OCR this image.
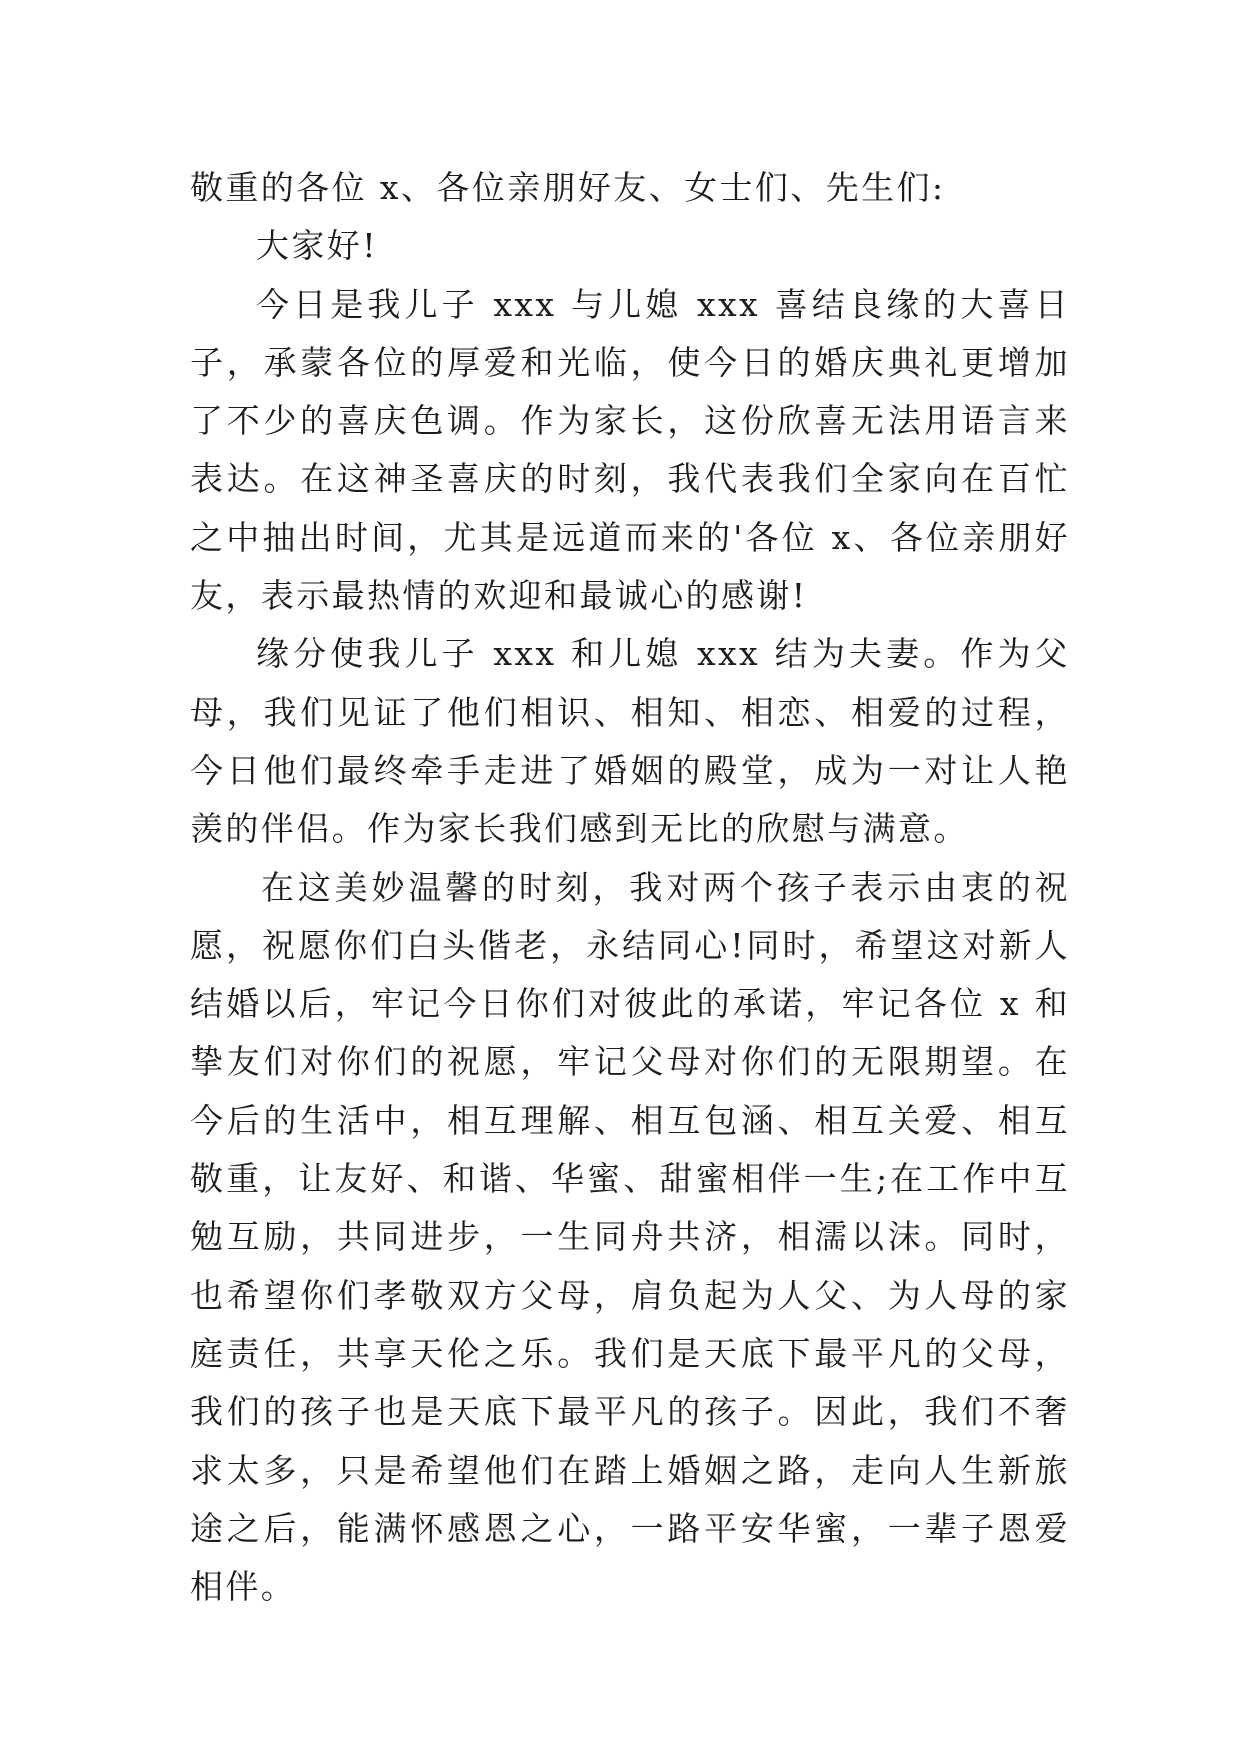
敬重的各位 x、各位亲朋好友、女士们、先生们:

大家好!

今日是我儿子 xxx 与儿媳 xxx 喜结良缘的大喜日子，承蒙各位的厚爱和光临，使今日的婚庆典礼更增加了不少的喜庆色调。作为家长，这份欣喜无法用语言来表达。在这神圣喜庆的时刻，我代表我们全家向在百忙之中抽出时间，尤其是远道而来的'各位 x、各位亲朋好友，表示最热情的欢迎和最诚心的感谢!

缘分使我儿子 xxx 和儿媳 xxx 结为夫妻。作为父母，我们见证了他们相识、相知、相恋、相爱的过程，今日他们最终牵手走进了婚姻的殿堂，成为一对让人艳羡的伴侣。作为家长我们感到无比的欣慰与满意。

在这美妙温馨的时刻，我对两个孩子表示由衷的祝愿，祝愿你们白头偕老，永结同心!同时，希望这对新人结婚以后，牢记今日你们对彼此的承诺，牢记各位 x 和挚友们对你们的祝愿，牢记父母对你们的无限期望。在今后的生活中，相互理解、相互包涵、相互关爱、相互敬重，让友好、和谐、华蜜、甜蜜相伴一生;在工作中互勉互励，共同进步，一生同舟共济，相濡以沫。同时，也希望你们孝敬双方父母，肩负起为人父、为人母的家庭责任，共享天伦之乐。我们是天底下最平凡的父母，我们的孩子也是天底下最平凡的孩子。因此，我们不奢求太多，只是希望他们在踏上婚姻之路，走向人生新旅途之后，能满怀感恩之心，一路平安华蜜，一辈子恩爱相伴。
